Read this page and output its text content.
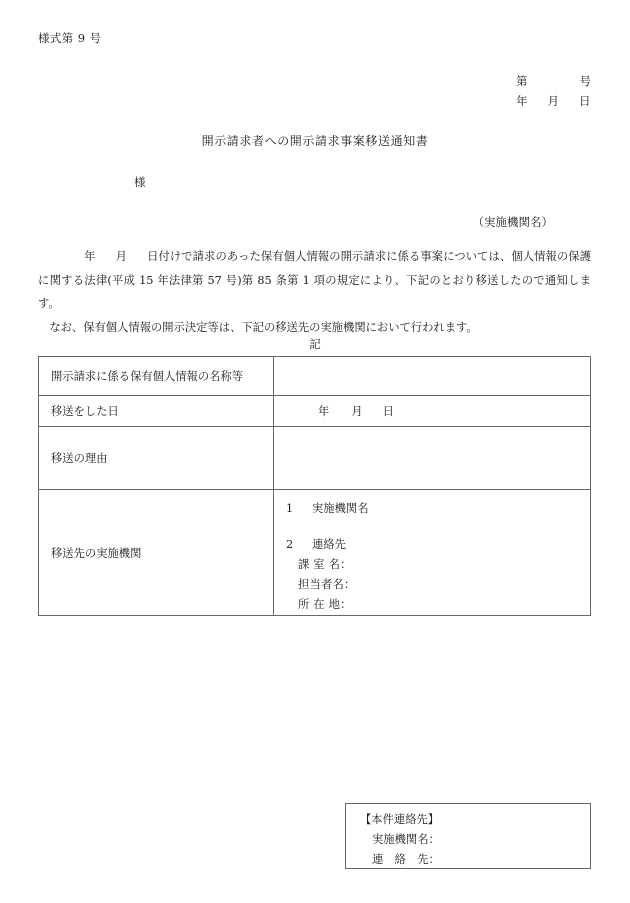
様式第 9 号
第	号
年 月 日
開示請求者への開示請求事案移送通知書
様
（実施機関名）

年 月 日付けで請求のあった保有個人情報の開示請求に係る事案については、個人情報の保護に関する法律(平成 15 年法律第 57 号)第 85 条第 1 項の規定により、下記のとおり移送したので通知します。

　なお、保有個人情報の開示決定等は、下記の移送先の実施機関において行われます。

記
開示請求に係る保有個人情報の名称等	
移送をした日	年 月 日
移送の理由	
移送先の実施機関	1 実施機関名
2 連絡先
課 室 名：
担当者名：
所 在 地：
【本件連絡先】
実施機関名：
連　絡　先：
